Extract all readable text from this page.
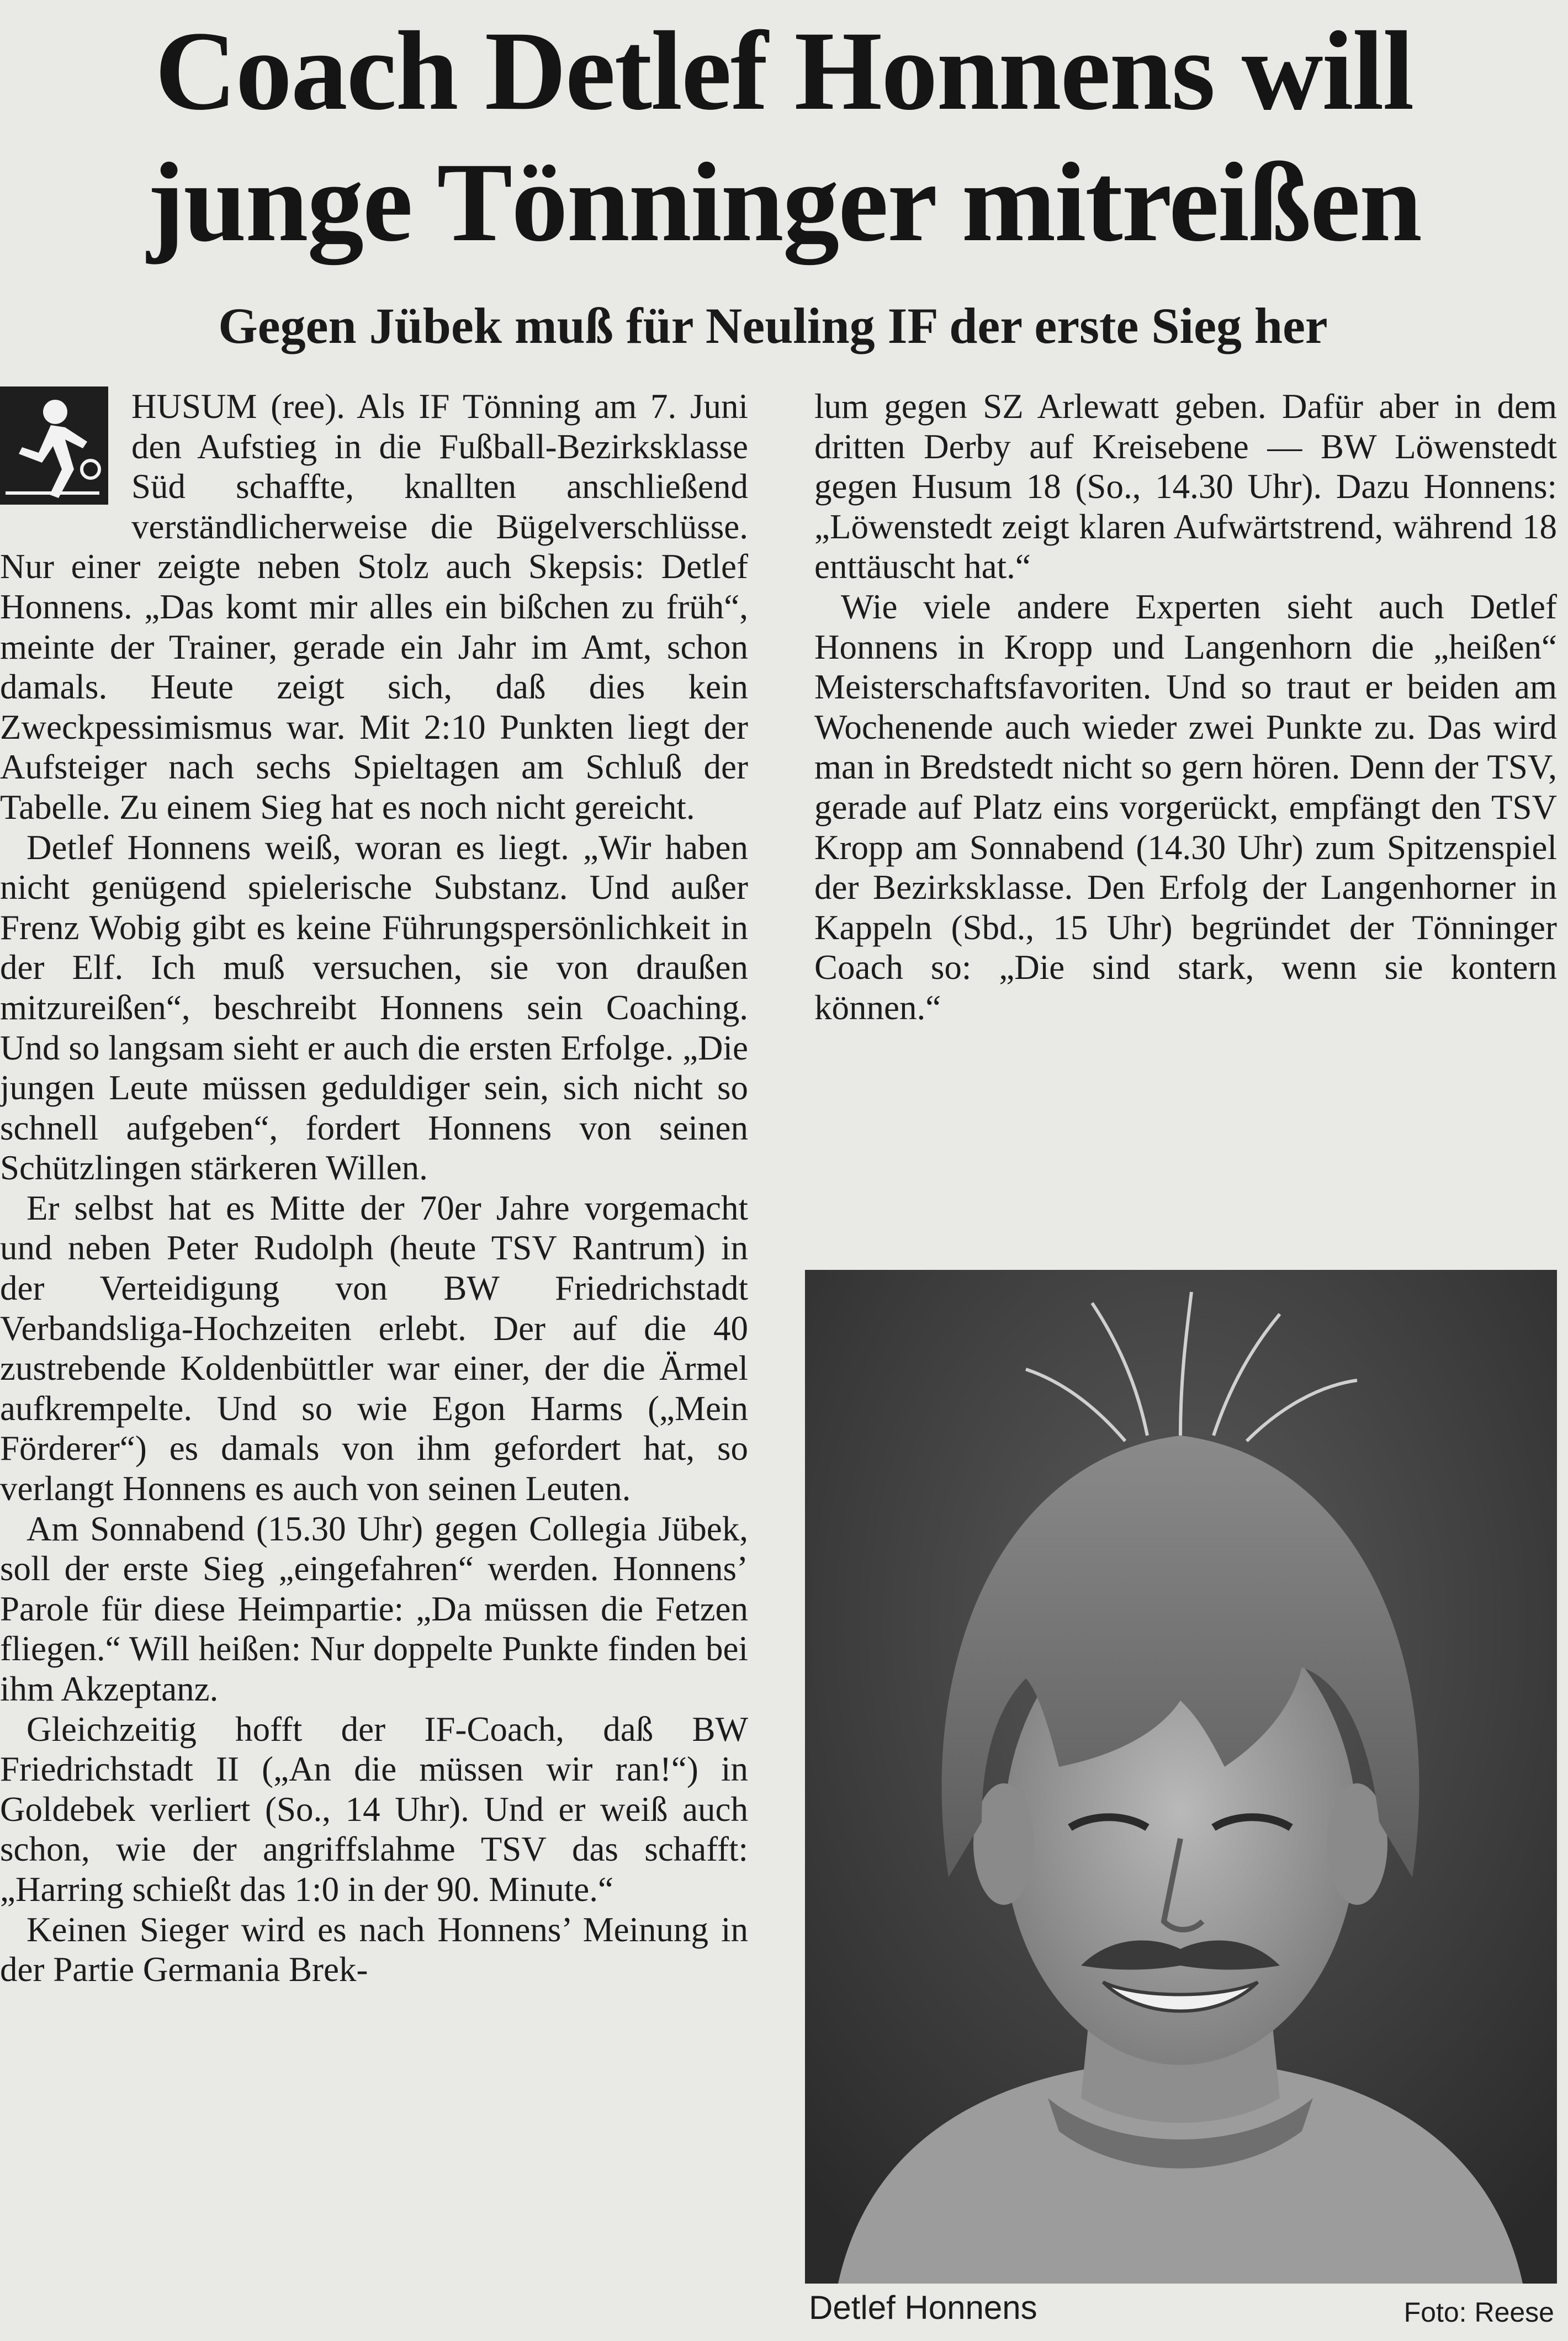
Coach Detlef Honnens will
junge Tönninger mitreißen
Gegen Jübek muß für Neuling IF der erste Sieg her

HUSUM (ree). Als IF Tönning am 7. Juni den Aufstieg in die Fußball-Bezirksklasse Süd schaffte, knallten anschließend verständlicherweise die Bügelverschlüsse. Nur einer zeigte neben Stolz auch Skepsis: Detlef Honnens. „Das komt mir alles ein bißchen zu früh“, meinte der Trainer, gerade ein Jahr im Amt, schon damals. Heute zeigt sich, daß dies kein Zweckpessimismus war. Mit 2:10 Punkten liegt der Aufsteiger nach sechs Spieltagen am Schluß der Tabelle. Zu einem Sieg hat es noch nicht gereicht.

Detlef Honnens weiß, woran es liegt. „Wir haben nicht genügend spielerische Substanz. Und außer Frenz Wobig gibt es keine Führungspersönlichkeit in der Elf. Ich muß versuchen, sie von draußen mitzureißen“, beschreibt Honnens sein Coaching. Und so langsam sieht er auch die ersten Erfolge. „Die jungen Leute müssen geduldiger sein, sich nicht so schnell aufgeben“, fordert Honnens von seinen Schützlingen stärkeren Willen.

Er selbst hat es Mitte der 70er Jahre vorgemacht und neben Peter Rudolph (heute TSV Rantrum) in der Verteidigung von BW Friedrichstadt Verbandsliga-Hochzeiten erlebt. Der auf die 40 zustrebende Koldenbüttler war einer, der die Ärmel aufkrempelte. Und so wie Egon Harms („Mein Förderer“) es damals von ihm gefordert hat, so verlangt Honnens es auch von seinen Leuten.

Am Sonnabend (15.30 Uhr) gegen Collegia Jübek, soll der erste Sieg „eingefahren“ werden. Honnens’ Parole für diese Heimpartie: „Da müssen die Fetzen fliegen.“ Will heißen: Nur doppelte Punkte finden bei ihm Akzeptanz.

Gleichzeitig hofft der IF-Coach, daß BW Friedrichstadt II („An die müssen wir ran!“) in Goldebek verliert (So., 14 Uhr). Und er weiß auch schon, wie der angriffslahme TSV das schafft: „Harring schießt das 1:0 in der 90. Minute.“

Keinen Sieger wird es nach Honnens’ Meinung in der Partie Germania Brek-

lum gegen SZ Arlewatt geben. Dafür aber in dem dritten Derby auf Kreisebene — BW Löwenstedt gegen Husum 18 (So., 14.30 Uhr). Dazu Honnens: „Löwenstedt zeigt klaren Aufwärtstrend, während 18 enttäuscht hat.“

Wie viele andere Experten sieht auch Detlef Honnens in Kropp und Langenhorn die „heißen“ Meisterschaftsfavoriten. Und so traut er beiden am Wochenende auch wieder zwei Punkte zu. Das wird man in Bredstedt nicht so gern hören. Denn der TSV, gerade auf Platz eins vorgerückt, empfängt den TSV Kropp am Sonnabend (14.30 Uhr) zum Spitzenspiel der Bezirksklasse. Den Erfolg der Langenhorner in Kappeln (Sbd., 15 Uhr) begründet der Tönninger Coach so: „Die sind stark, wenn sie kontern können.“

Detlef Honnens	Foto: Reese
